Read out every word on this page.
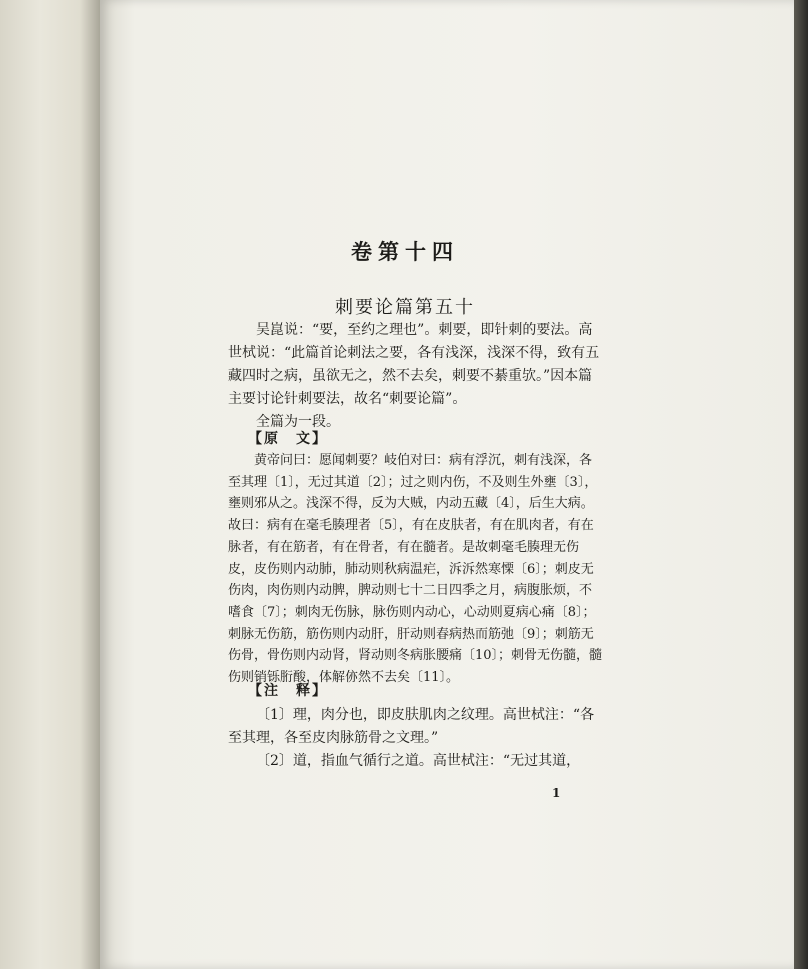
卷第十四
刺要论篇第五十

吴崑说：“要，至约之理也”。刺要，即针刺的要法。高世栻说：“此篇首论刺法之要，各有浅深，浅深不得，致有五藏四时之病，虽欲无之，然不去矣，刺要不綦重欤。”因本篇主要讨论针刺要法，故名“刺要论篇”。

全篇为一段。

【原　文】

黄帝问曰：愿闻刺要？岐伯对曰：病有浮沉，刺有浅深，各至其理〔1〕，无过其道〔2〕；过之则内伤，不及则生外壅〔3〕，壅则邪从之。浅深不得，反为大贼，内动五藏〔4〕，后生大病。故曰：病有在毫毛腠理者〔5〕，有在皮肤者，有在肌肉者，有在脉者，有在筋者，有在骨者，有在髓者。是故刺毫毛腠理无伤皮，皮伤则内动肺，肺动则秋病温疟，泝泝然寒慄〔6〕；刺皮无伤肉，肉伤则内动脾，脾动则七十二日四季之月，病腹胀烦，不嗜食〔7〕；刺肉无伤脉，脉伤则内动心，心动则夏病心痛〔8〕；刺脉无伤筋，筋伤则内动肝，肝动则春病热而筋弛〔9〕；刺筋无伤骨，骨伤则内动肾，肾动则冬病胀腰痛〔10〕；刺骨无伤髓，髓伤则销铄胻酸，体解㑊然不去矣〔11〕。

【注　释】

〔1〕理，肉分也，即皮肤肌肉之纹理。高世栻注：“各至其理，各至皮肉脉筋骨之文理。”

〔2〕道，指血气循行之道。高世栻注：“无过其道，

1
